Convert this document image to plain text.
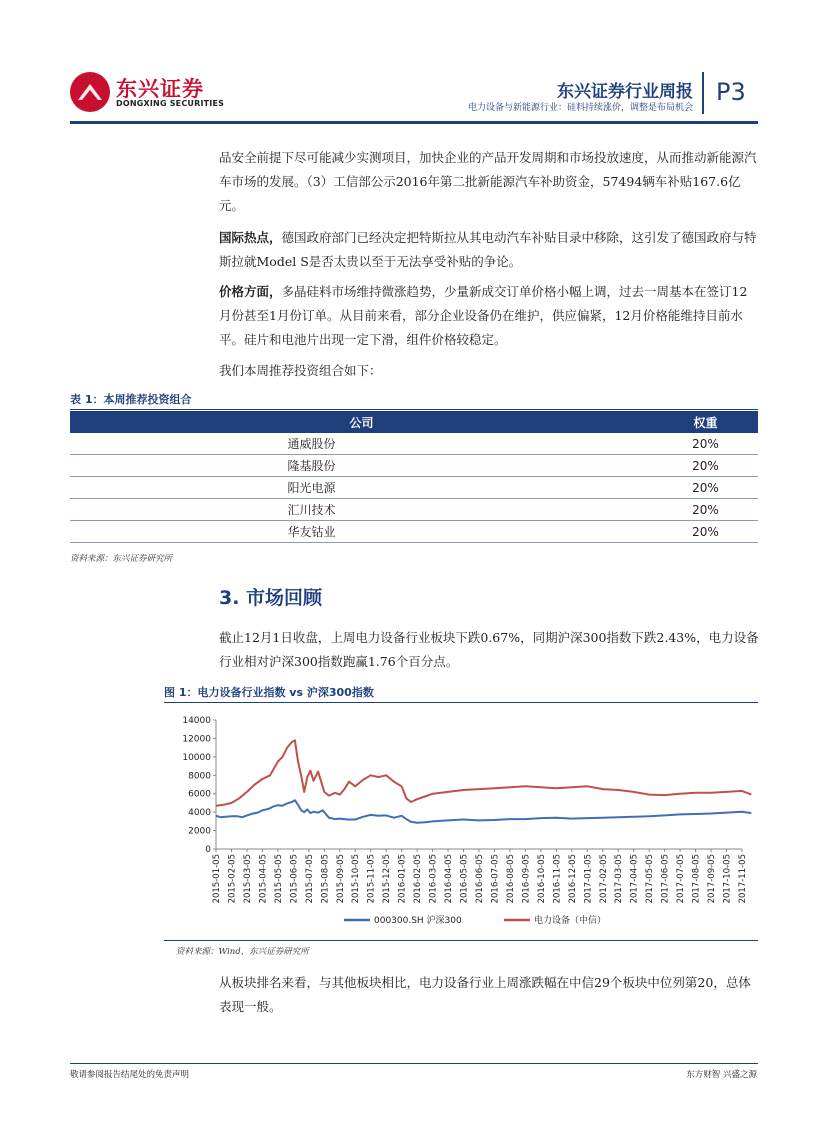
东兴证券
DONGXING SECURITIES
东兴证券行业周报
电力设备与新能源行业：硅料持续涨价，调整是布局机会
P3
品安全前提下尽可能减少实测项目，加快企业的产品开发周期和市场投放速度，从而推动新能源汽车市场的发展。（3）工信部公示2016年第二批新能源汽车补助资金，57494辆车补贴167.6亿元。
国际热点，德国政府部门已经决定把特斯拉从其电动汽车补贴目录中移除，这引发了德国政府与特斯拉就Model S是否太贵以至于无法享受补贴的争论。
价格方面，多晶硅料市场维持微涨趋势，少量新成交订单价格小幅上调，过去一周基本在签订12月份甚至1月份订单。从目前来看，部分企业设备仍在维护，供应偏紧，12月价格能维持目前水平。硅片和电池片出现一定下滑，组件价格较稳定。
我们本周推荐投资组合如下：
表 1：本周推荐投资组合
公司	权重
通威股份	20%
隆基股份	20%
阳光电源	20%
汇川技术	20%
华友钴业	20%
资料来源：东兴证券研究所
3. 市场回顾
截止12月1日收盘，上周电力设备行业板块下跌0.67%，同期沪深300指数下跌2.43%，电力设备行业相对沪深300指数跑赢1.76个百分点。
图 1：电力设备行业指数 vs 沪深300指数
0
2000
4000
6000
8000
10000
12000
14000
2015-01-05 2015-02-05 2015-03-05 2015-04-05 2015-05-05 2015-06-05 2015-07-05 2015-08-05 2015-09-05 2015-10-05 2015-11-05 2015-12-05 2016-01-05 2016-02-05 2016-03-05 2016-04-05 2016-05-05 2016-06-05 2016-07-05 2016-08-05 2016-09-05 2016-10-05 2016-11-05 2016-12-05 2017-01-05 2017-02-05 2017-03-05 2017-04-05 2017-05-05 2017-06-05 2017-07-05 2017-08-05 2017-09-05 2017-10-05 2017-11-05
000300.SH 沪深300	电力设备（中信）
资料来源：Wind，东兴证券研究所
从板块排名来看，与其他板块相比，电力设备行业上周涨跌幅在中信29个板块中位列第20，总体表现一般。
敬请参阅报告结尾处的免责声明	东方财智 兴盛之源
